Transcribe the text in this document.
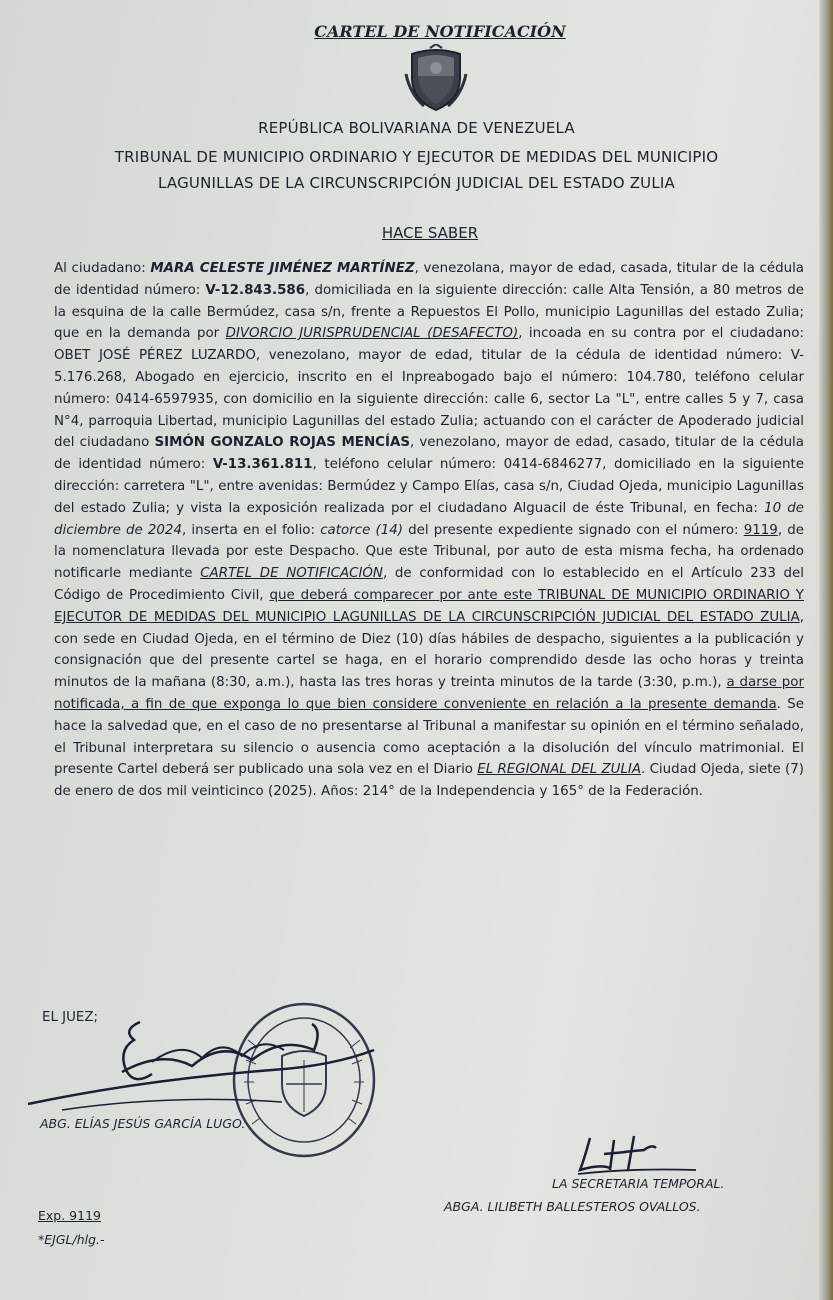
CARTEL DE NOTIFICACIÓN
REPÚBLICA BOLIVARIANA DE VENEZUELA
TRIBUNAL DE MUNICIPIO ORDINARIO Y EJECUTOR DE MEDIDAS DEL MUNICIPIO
LAGUNILLAS DE LA CIRCUNSCRIPCIÓN JUDICIAL DEL ESTADO ZULIA
HACE SABER

Al ciudadano: MARA CELESTE JIMÉNEZ MARTÍNEZ, venezolana, mayor de edad, casada, titular de la cédula de identidad número: V-12.843.586, domiciliada en la siguiente dirección: calle Alta Tensión, a 80 metros de la esquina de la calle Bermúdez, casa s/n, frente a Repuestos El Pollo, municipio Lagunillas del estado Zulia; que en la demanda por DIVORCIO JURISPRUDENCIAL (DESAFECTO), incoada en su contra por el ciudadano: OBET JOSÉ PÉREZ LUZARDO, venezolano, mayor de edad, titular de la cédula de identidad número: V-5.176.268, Abogado en ejercicio, inscrito en el Inpreabogado bajo el número: 104.780, teléfono celular número: 0414-6597935, con domicilio en la siguiente dirección: calle 6, sector La "L", entre calles 5 y 7, casa N°4, parroquia Libertad, municipio Lagunillas del estado Zulia; actuando con el carácter de Apoderado judicial del ciudadano SIMÓN GONZALO ROJAS MENCÍAS, venezolano, mayor de edad, casado, titular de la cédula de identidad número: V-13.361.811, teléfono celular número: 0414-6846277, domiciliado en la siguiente dirección: carretera "L", entre avenidas: Bermúdez y Campo Elías, casa s/n, Ciudad Ojeda, municipio Lagunillas del estado Zulia; y vista la exposición realizada por el ciudadano Alguacil de éste Tribunal, en fecha: 10 de diciembre de 2024, inserta en el folio: catorce (14) del presente expediente signado con el número: 9119, de la nomenclatura llevada por este Despacho. Que este Tribunal, por auto de esta misma fecha, ha ordenado notificarle mediante CARTEL DE NOTIFICACIÓN, de conformidad con lo establecido en el Artículo 233 del Código de Procedimiento Civil, que deberá comparecer por ante este TRIBUNAL DE MUNICIPIO ORDINARIO Y EJECUTOR DE MEDIDAS DEL MUNICIPIO LAGUNILLAS DE LA CIRCUNSCRIPCIÓN JUDICIAL DEL ESTADO ZULIA, con sede en Ciudad Ojeda, en el término de Diez (10) días hábiles de despacho, siguientes a la publicación y consignación que del presente cartel se haga, en el horario comprendido desde las ocho horas y treinta minutos de la mañana (8:30, a.m.), hasta las tres horas y treinta minutos de la tarde (3:30, p.m.), a darse por notificada, a fin de que exponga lo que bien considere conveniente en relación a la presente demanda. Se hace la salvedad que, en el caso de no presentarse al Tribunal a manifestar su opinión en el término señalado, el Tribunal interpretara su silencio o ausencia como aceptación a la disolución del vínculo matrimonial. El presente Cartel deberá ser publicado una sola vez en el Diario EL REGIONAL DEL ZULIA. Ciudad Ojeda, siete (7) de enero de dos mil veinticinco (2025). Años: 214° de la Independencia y 165° de la Federación.

EL JUEZ;
ABG. ELÍAS JESÚS GARCÍA LUGO.
LA SECRETARIA TEMPORAL.
ABGA. LILIBETH BALLESTEROS OVALLOS.
Exp. 9119
*EJGL/hlg.-
